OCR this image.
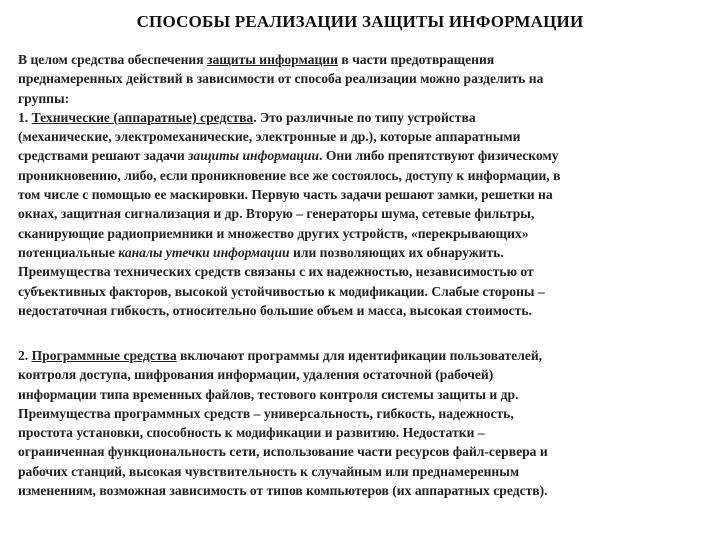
СПОСОБЫ РЕАЛИЗАЦИИ ЗАЩИТЫ ИНФОРМАЦИИ
В целом средства обеспечения защиты информации в части предотвращения
преднамеренных действий в зависимости от способа реализации можно разделить на
группы:
1. Технические (аппаратные) средства. Это различные по типу устройства
(механические, электромеханические, электронные и др.), которые аппаратными
средствами решают задачи защиты информации. Они либо препятствуют физическому
проникновению, либо, если проникновение все же состоялось, доступу к информации, в
том числе с помощью ее маскировки. Первую часть задачи решают замки, решетки на
окнах, защитная сигнализация и др. Вторую – генераторы шума, сетевые фильтры,
сканирующие радиоприемники и множество других устройств, «перекрывающих»
потенциальные каналы утечки информации или позволяющих их обнаружить.
Преимущества технических средств связаны с их надежностью, независимостью от
субъективных факторов, высокой устойчивостью к модификации. Слабые стороны –
недостаточная гибкость, относительно большие объем и масса, высокая стоимость.
2. Программные средства включают программы для идентификации пользователей,
контроля доступа, шифрования информации, удаления остаточной (рабочей)
информации типа временных файлов, тестового контроля системы защиты и др.
Преимущества программных средств – универсальность, гибкость, надежность,
простота установки, способность к модификации и развитию. Недостатки –
ограниченная функциональность сети, использование части ресурсов файл-сервера и
рабочих станций, высокая чувствительность к случайным или преднамеренным
изменениям, возможная зависимость от типов компьютеров (их аппаратных средств).
